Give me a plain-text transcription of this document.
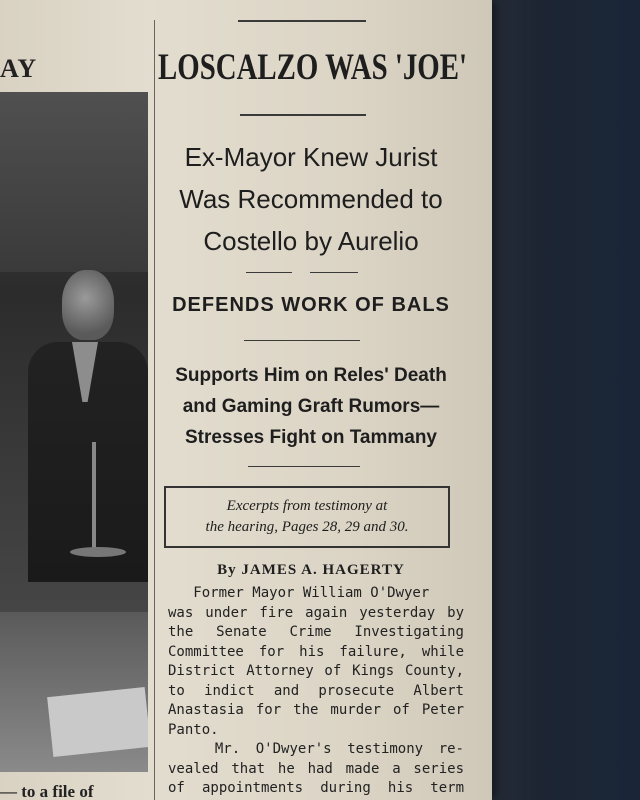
AY
— to a file of
LOSCALZO WAS 'JOE'
Ex-Mayor Knew Jurist
Was Recommended to
Costello by Aurelio
DEFENDS WORK OF BALS
Supports Him on Reles' Death
and Gaming Graft Rumors—
Stresses Fight on Tammany
Excerpts from testimony at
the hearing, Pages 28, 29 and 30.
By JAMES A. HAGERTY
Former Mayor William O'Dwyer
was under fire again yesterday by
the Senate Crime Investigating
Committee for his failure, while
District Attorney of Kings County,
to indict and prosecute Albert
Anastasia for the murder of Peter
Panto.
Mr. O'Dwyer's testimony re-
vealed that he had made a series
of appointments during his term
